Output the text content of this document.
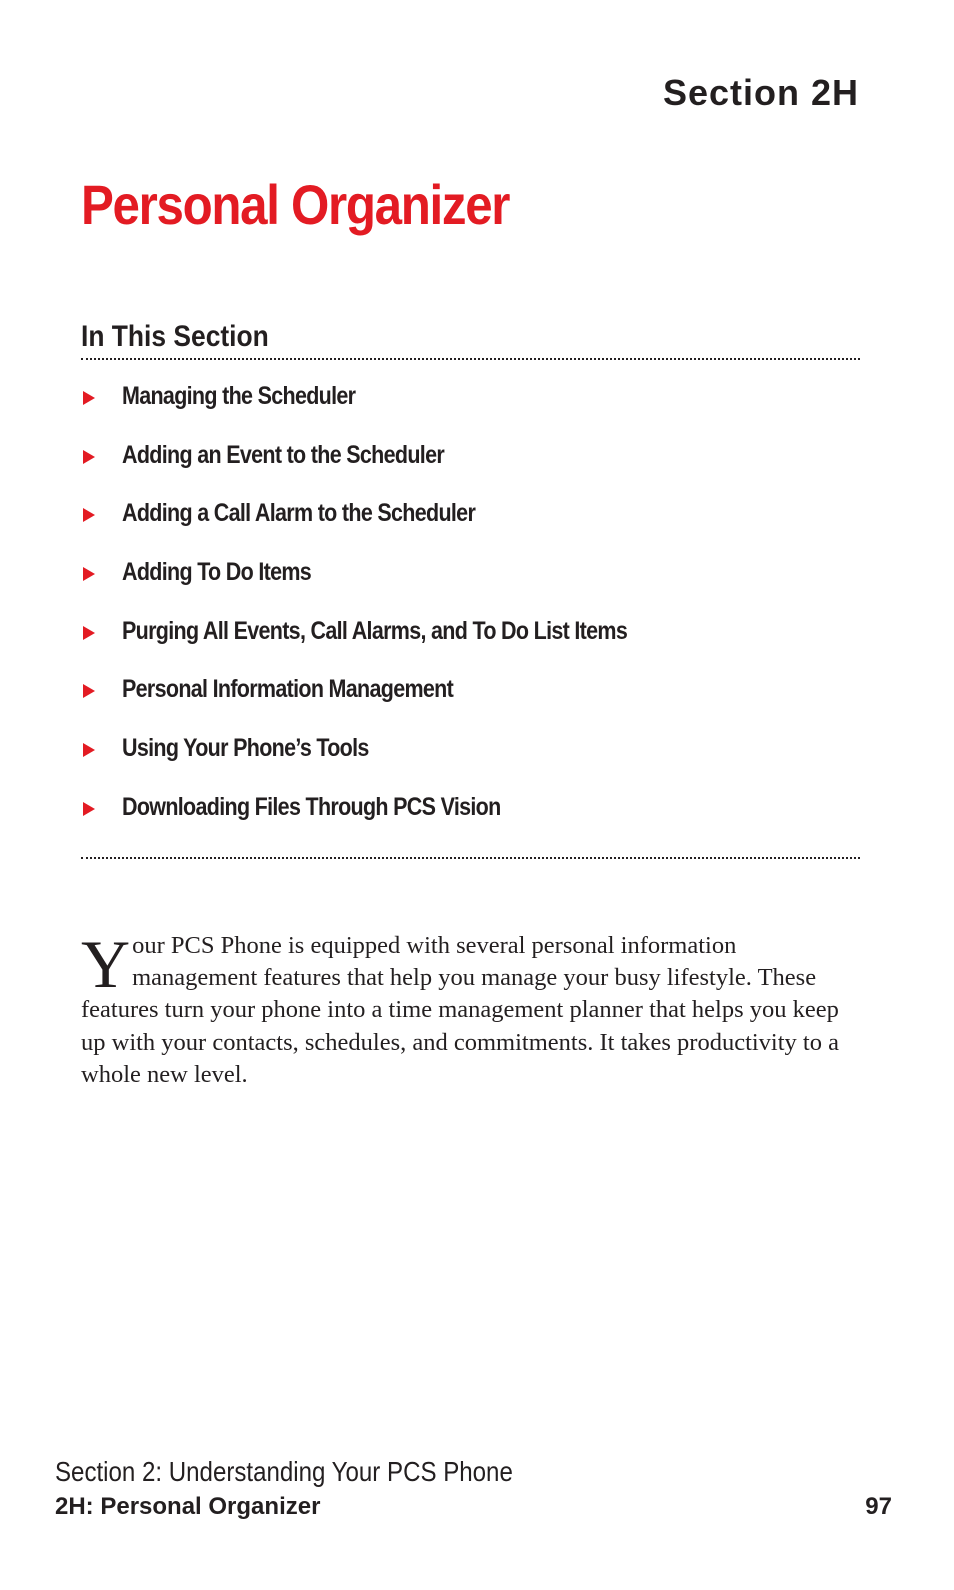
Section 2H
Personal Organizer
In This Section
Managing the Scheduler
Adding an Event to the Scheduler
Adding a Call Alarm to the Scheduler
Adding To Do Items
Purging All Events, Call Alarms, and To Do List Items
Personal Information Management
Using Your Phone’s Tools
Downloading Files Through PCS Vision

Your PCS Phone is equipped with several personal information management features that help you manage your busy lifestyle. These features turn your phone into a time management planner that helps you keep up with your contacts, schedules, and commitments. It takes productivity to a whole new level.

Section 2: Understanding Your PCS Phone
2H: Personal Organizer	97
